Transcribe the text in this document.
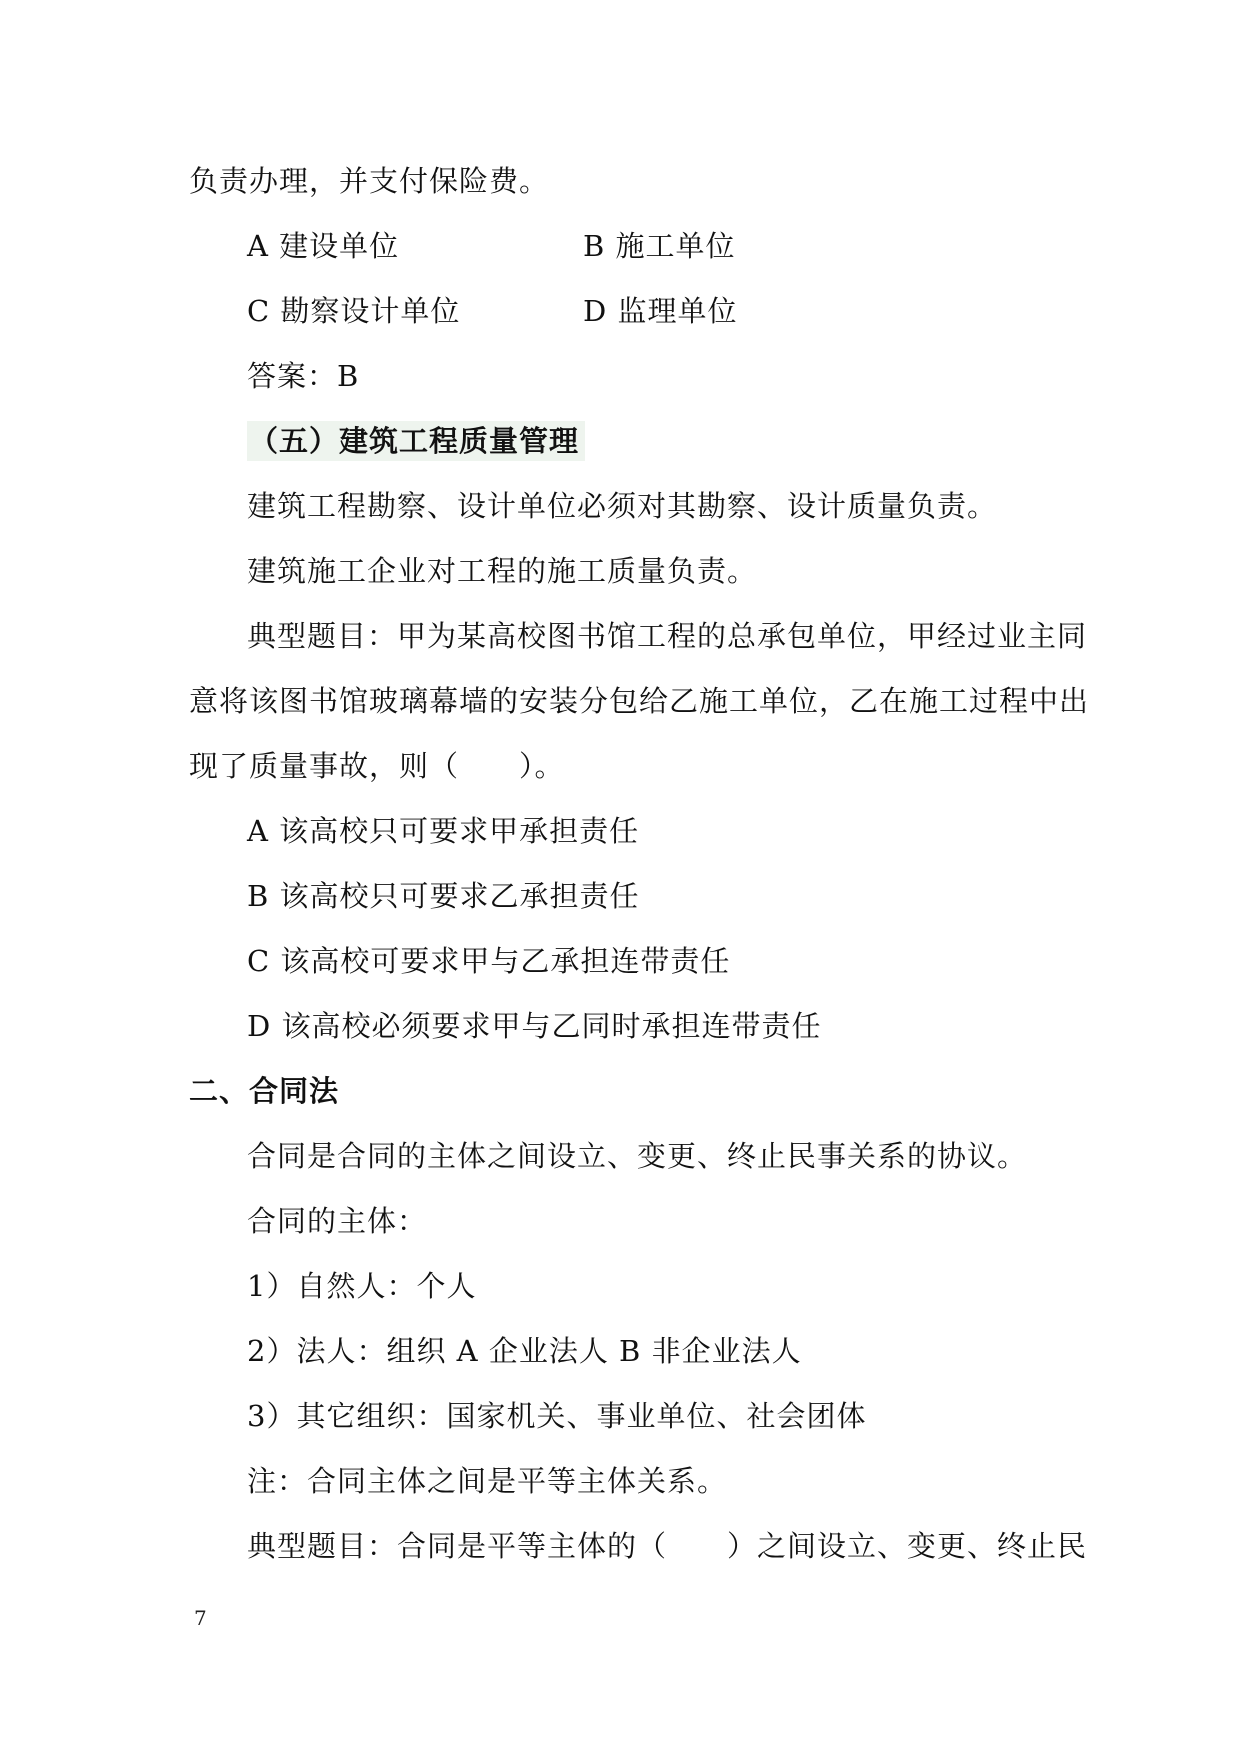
负责办理，并支付保险费。
A 建设单位	B 施工单位
C 勘察设计单位	D 监理单位
答案：B
（五）建筑工程质量管理
建筑工程勘察、设计单位必须对其勘察、设计质量负责。
建筑施工企业对工程的施工质量负责。
典型题目：甲为某高校图书馆工程的总承包单位，甲经过业主同
意将该图书馆玻璃幕墙的安装分包给乙施工单位，乙在施工过程中出
现了质量事故，则（　　）。
A 该高校只可要求甲承担责任
B 该高校只可要求乙承担责任
C 该高校可要求甲与乙承担连带责任
D 该高校必须要求甲与乙同时承担连带责任
二、合同法
合同是合同的主体之间设立、变更、终止民事关系的协议。
合同的主体：
1）自然人：个人
2）法人：组织 A 企业法人 B 非企业法人
3）其它组织：国家机关、事业单位、社会团体
注：合同主体之间是平等主体关系。
典型题目：合同是平等主体的（　　）之间设立、变更、终止民
7
